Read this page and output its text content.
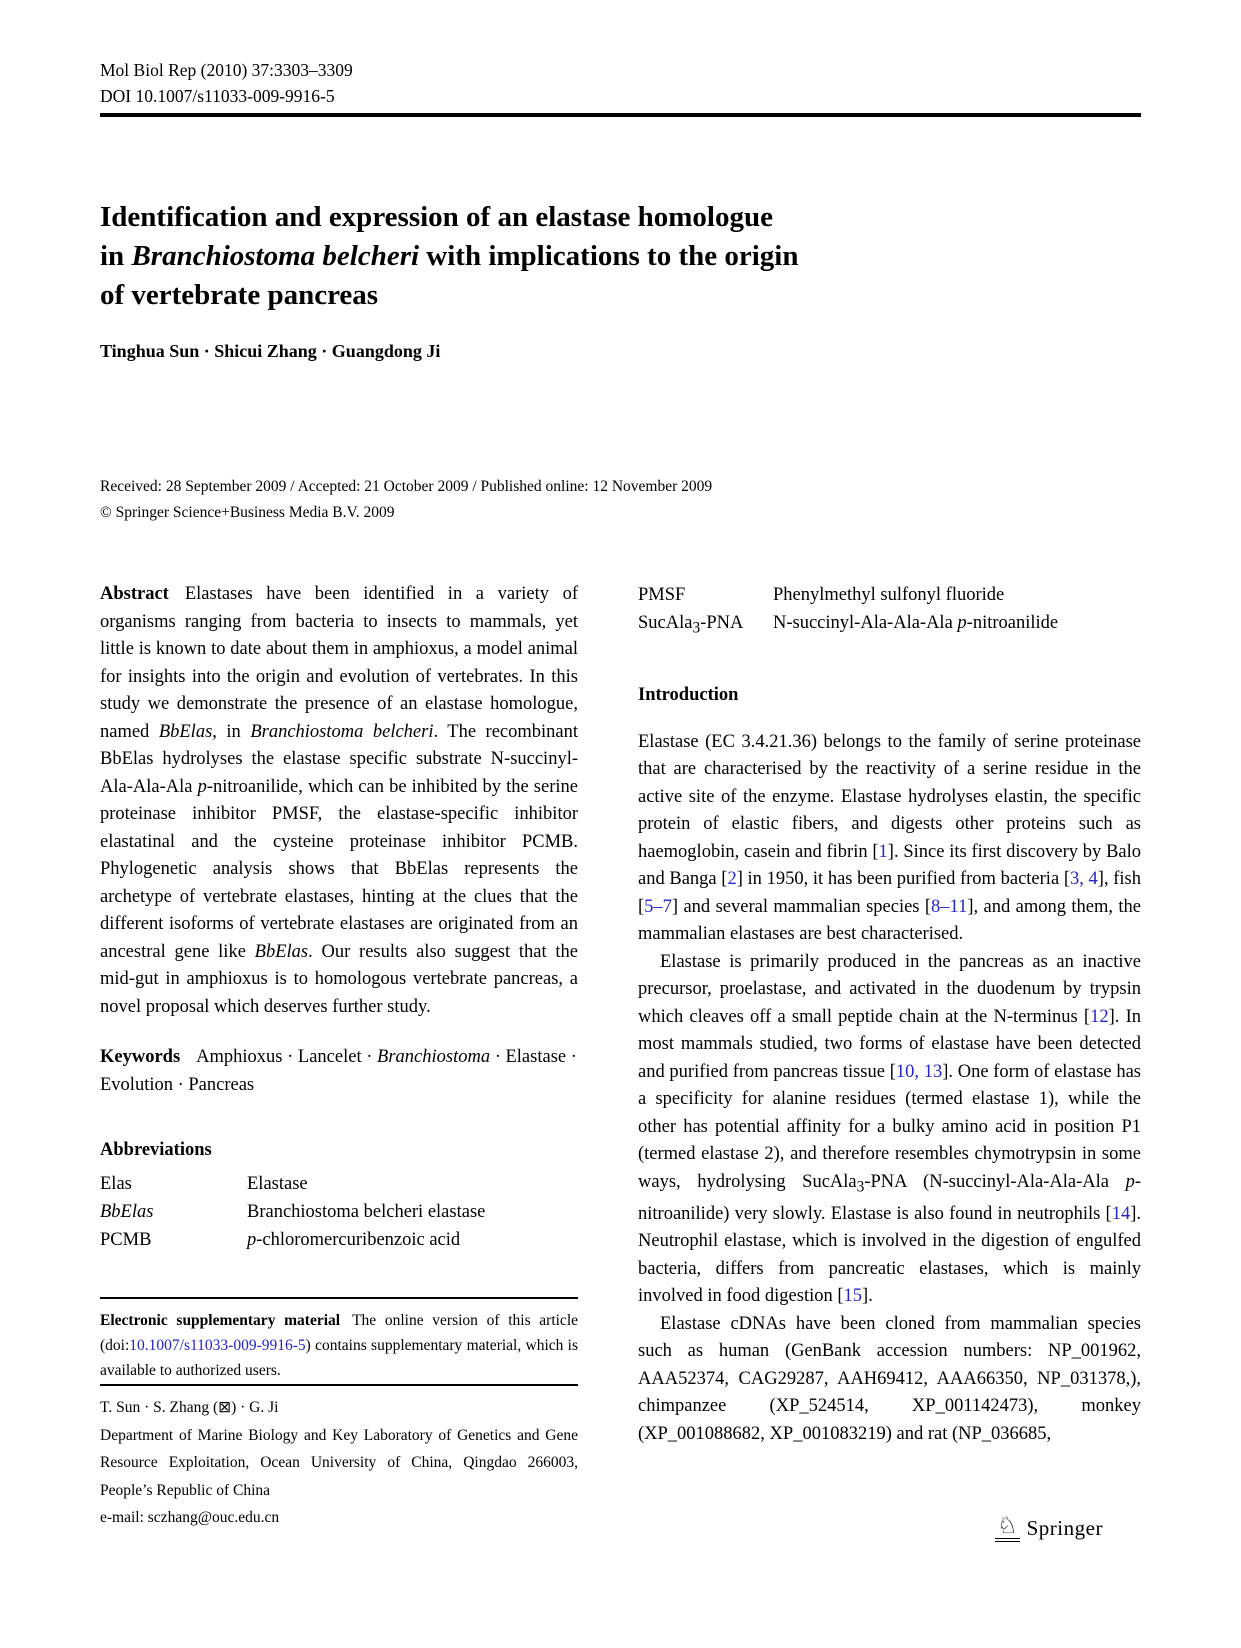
Mol Biol Rep (2010) 37:3303–3309
DOI 10.1007/s11033-009-9916-5
Identification and expression of an elastase homologue
in Branchiostoma belcheri with implications to the origin
of vertebrate pancreas
Tinghua Sun · Shicui Zhang · Guangdong Ji
Received: 28 September 2009 / Accepted: 21 October 2009 / Published online: 12 November 2009
© Springer Science+Business Media B.V. 2009

Abstract Elastases have been identified in a variety of organisms ranging from bacteria to insects to mammals, yet little is known to date about them in amphioxus, a model animal for insights into the origin and evolution of vertebrates. In this study we demonstrate the presence of an elastase homologue, named BbElas, in Branchiostoma belcheri. The recombinant BbElas hydrolyses the elastase specific substrate N-succinyl-Ala-Ala-Ala p-nitroanilide, which can be inhibited by the serine proteinase inhibitor PMSF, the elastase-specific inhibitor elastatinal and the cysteine proteinase inhibitor PCMB. Phylogenetic analysis shows that BbElas represents the archetype of vertebrate elastases, hinting at the clues that the different isoforms of vertebrate elastases are originated from an ancestral gene like BbElas. Our results also suggest that the mid-gut in amphioxus is to homologous vertebrate pancreas, a novel proposal which deserves further study.

Keywords Amphioxus · Lancelet · Branchiostoma · Elastase · Evolution · Pancreas
Abbreviations
Elas	Elastase
BbElas	Branchiostoma belcheri elastase
PCMB	p-chloromercuribenzoic acid
Electronic supplementary material The online version of this article (doi:10.1007/s11033-009-9916-5) contains supplementary material, which is available to authorized users.
T. Sun · S. Zhang (⊠) · G. Ji
Department of Marine Biology and Key Laboratory of Genetics and Gene Resource Exploitation, Ocean University of China, Qingdao 266003, People’s Republic of China
e-mail: sczhang@ouc.edu.cn
PMSF	Phenylmethyl sulfonyl fluoride
SucAla$_3$-PNA	N-succinyl-Ala-Ala-Ala p-nitroanilide
Introduction

Elastase (EC 3.4.21.36) belongs to the family of serine proteinase that are characterised by the reactivity of a serine residue in the active site of the enzyme. Elastase hydrolyses elastin, the specific protein of elastic fibers, and digests other proteins such as haemoglobin, casein and fibrin [1]. Since its first discovery by Balo and Banga [2] in 1950, it has been purified from bacteria [3, 4], fish [5–7] and several mammalian species [8–11], and among them, the mammalian elastases are best characterised.

Elastase is primarily produced in the pancreas as an inactive precursor, proelastase, and activated in the duodenum by trypsin which cleaves off a small peptide chain at the N-terminus [12]. In most mammals studied, two forms of elastase have been detected and purified from pancreas tissue [10, 13]. One form of elastase has a specificity for alanine residues (termed elastase 1), while the other has potential affinity for a bulky amino acid in position P1 (termed elastase 2), and therefore resembles chymotrypsin in some ways, hydrolysing SucAla$_3$-PNA (N-succinyl-Ala-Ala-Ala p-nitroanilide) very slowly. Elastase is also found in neutrophils [14]. Neutrophil elastase, which is involved in the digestion of engulfed bacteria, differs from pancreatic elastases, which is mainly involved in food digestion [15].

Elastase cDNAs have been cloned from mammalian species such as human (GenBank accession numbers: NP_001962, AAA52374, CAG29287, AAH69412, AAA66350, NP_031378,), chimpanzee (XP_524514, XP_001142473), monkey (XP_001088682, XP_001083219) and rat (NP_036685,

♘ Springer
